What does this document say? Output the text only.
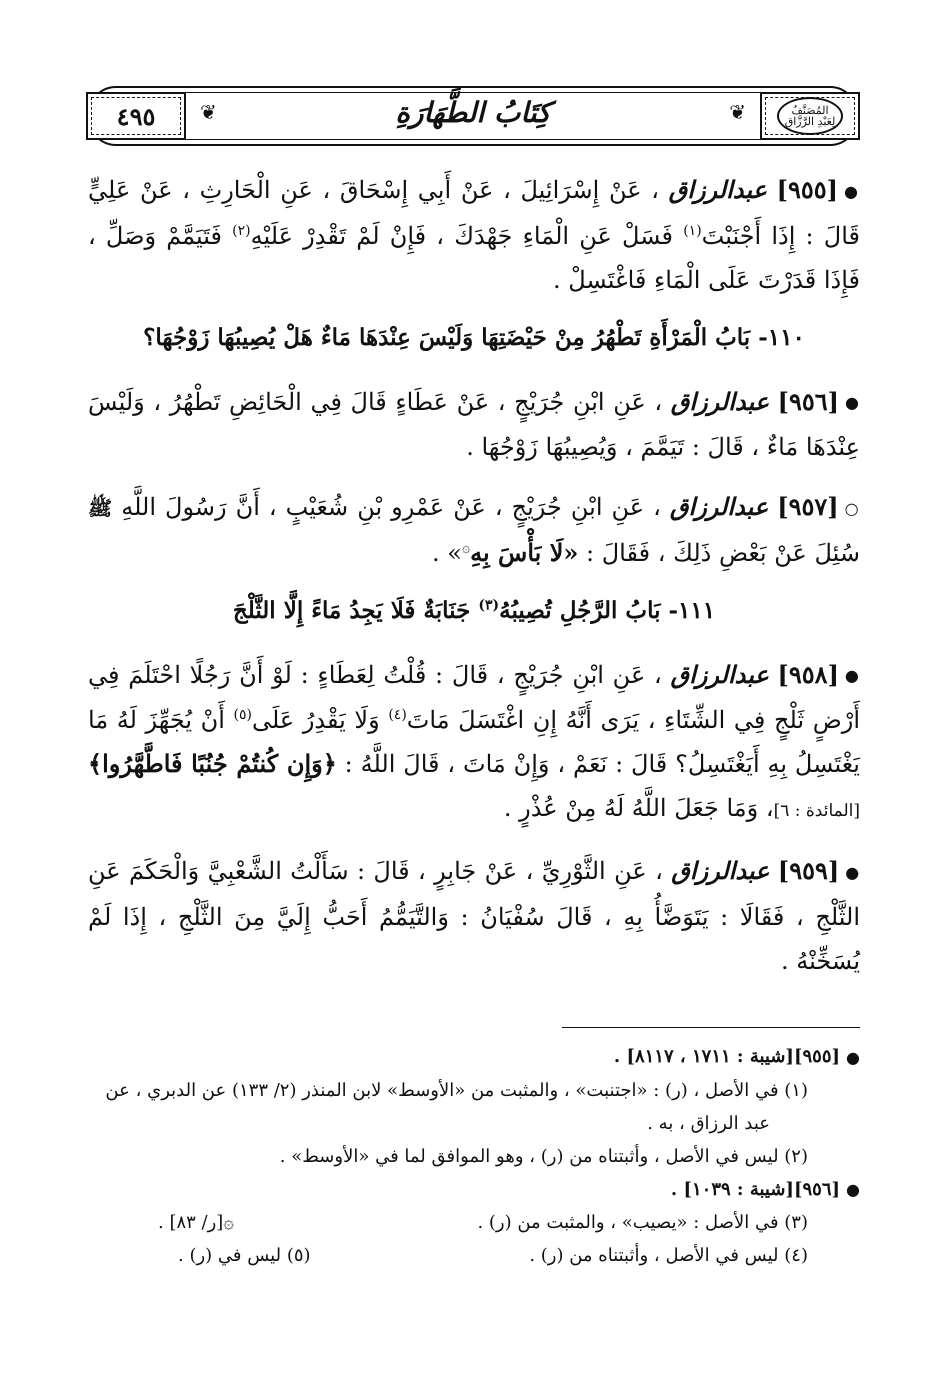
٤٩٥	المُصَنَّفُ
لِعَبْدِ الرَّزَّاقِ
❦	❦
كِتَابُ الطَّهَارَةِ

●[٩٥٥] عبدالرزاق ، عَنْ إِسْرَائِيلَ ، عَنْ أَبِي إِسْحَاقَ ، عَنِ الْحَارِثِ ، عَنْ عَلِيٍّ قَالَ : إِذَا أَجْنَبْتَ$^{(١)}$ فَسَلْ عَنِ الْمَاءِ جَهْدَكَ ، فَإِنْ لَمْ تَقْدِرْ عَلَيْهِ$^{(٢)}$ فَتَيَمَّمْ وَصَلِّ ، فَإِذَا قَدَرْتَ عَلَى الْمَاءِ فَاغْتَسِلْ .

١١٠- بَابُ الْمَرْأَةِ تَطْهُرُ مِنْ حَيْضَتِهَا وَلَيْسَ عِنْدَهَا مَاءٌ هَلْ يُصِيبُهَا زَوْجُهَا؟

●[٩٥٦] عبدالرزاق ، عَنِ ابْنِ جُرَيْجٍ ، عَنْ عَطَاءٍ قَالَ فِي الْحَائِضِ تَطْهُرُ ، وَلَيْسَ عِنْدَهَا مَاءٌ ، قَالَ : تَيَمَّمَ ، وَيُصِيبُهَا زَوْجُهَا .

○[٩٥٧] عبدالرزاق ، عَنِ ابْنِ جُرَيْجٍ ، عَنْ عَمْرِو بْنِ شُعَيْبٍ ، أَنَّ رَسُولَ اللَّهِ ﷺ سُئِلَ عَنْ بَعْضِ ذَلِكَ ، فَقَالَ : «لَا بَأْسَ بِهِ۞» .

١١١- بَابُ الرَّجُلِ تُصِيبُهُ$^{(٣)}$ جَنَابَةٌ فَلَا يَجِدُ مَاءً إِلَّا الثَّلْجَ

●[٩٥٨] عبدالرزاق ، عَنِ ابْنِ جُرَيْجٍ ، قَالَ : قُلْتُ لِعَطَاءٍ : لَوْ أَنَّ رَجُلًا احْتَلَمَ فِي أَرْضٍ ثَلْجٍ فِي الشِّتَاءِ ، يَرَى أَنَّهُ إِنِ اغْتَسَلَ مَاتَ$^{(٤)}$ وَلَا يَقْدِرُ عَلَى$^{(٥)}$ أَنْ يُجَهِّزَ لَهُ مَا يَغْتَسِلُ بِهِ أَيَغْتَسِلُ؟ قَالَ : نَعَمْ ، وَإِنْ مَاتَ ، قَالَ اللَّهُ : ﴿وَإِن كُنتُمْ جُنُبًا فَاطَّهَّرُوا﴾ [المائدة : ٦]، وَمَا جَعَلَ اللَّهُ لَهُ مِنْ عُذْرٍ .

●[٩٥٩] عبدالرزاق ، عَنِ الثَّوْرِيِّ ، عَنْ جَابِرٍ ، قَالَ : سَأَلْتُ الشَّعْبِيَّ وَالْحَكَمَ عَنِ الثَّلْجِ ، فَقَالَا : يَتَوَضَّأُ بِهِ ، قَالَ سُفْيَانُ : وَالتَّيَمُّمُ أَحَبُّ إِلَيَّ مِنَ الثَّلْجِ ، إِذَا لَمْ يُسَخِّنْهُ .

●[٩٥٥][شيبة : ١٧١١ ، ٨١١٧] .

(١) في الأصل ، (ر) : «اجتنبت» ، والمثبت من «الأوسط» لابن المنذر (٢/ ١٣٣) عن الدبري ، عن

عبد الرزاق ، به .

(٢) ليس في الأصل ، وأثبتناه من (ر) ، وهو الموافق لما في «الأوسط» .

●[٩٥٦][شيبة : ١٠٣٩] .

(٣) في الأصل : «يصيب» ، والمثبت من (ر) .
۞[ر/ ٨٣] .
(٤) ليس في الأصل ، وأثبتناه من (ر) .
(٥) ليس في (ر) .
